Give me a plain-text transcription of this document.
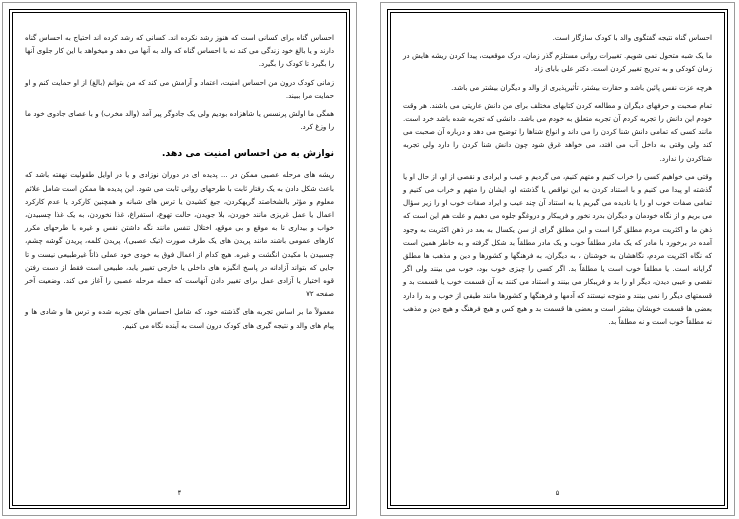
احساس گناه برای کسانی است که هنوز رشد نکرده اند. کسانی که رشد کرده اند احتیاج به احساس گناه دارند و یا بالغ خود زندگی می کند نه با احساس گناه که والد به آنها می دهد و میخواهد با این کار جلوی آنها را بگیرد تا کودک را بگیرد.

زمانی کودک درون من احساس امنیت، اعتماد و آرامش می کند که من بتوانم (بالغ) از او حمایت کنم و او حمایت مرا ببیند.

همگی ما اولش پرنسس یا شاهزاده بودیم ولی یک جادوگر پیر آمد (والد مخرب) و با عصای جادوی خود ما را وزغ کرد.

نوازش به من احساس امنیت می دهد.

ریشه های مرحله عصبی ممکن در ... پدیده ای در دوران نوزادی و یا در اوایل طفولیت نهفته باشد که باعث شکل دادن به یک رفتار ثابت با طرحهای روانی ثابت می شود. این پدیده ها ممکن است شامل علائم معلوم و مؤثر بالشخاصتد گریهکردن، جیغ کشیدن یا ترس های شبانه و همچنین کارکرد یا عدم کارکرد اعمال یا عمل غریزی مانند خوردن، بلا جویدن، حالت تهوع، استفراغ، غذا نخوردن، به یک غذا چسبیدن، خواب و بیداری نا به موقع و بی موقع، اختلال تنفس مانند نگه داشتن نفس و غیره با طرحهای مکرر کارهای عمومی باشند مانند پریدن های یک طرف صورت (تیک عصبی)، پریدن کلمه، پریدن گوشه چشم، چسبیدن با مکیدن انگشت و غیره. هیچ کدام از اعمال فوق به خودی خود عملی ذاتاً غیرطبیعی نیست و تا جایی که بتواند آزادانه در پاسخ انگیزه های داخلی یا خارجی تغییر یابد، طبیعی است فقط از دست رفتن قوه اختیار یا آزادی عمل برای تغییر دادن آنهاست که حمله مرحله عصبی را آغاز می کند. وضعیت آخر صفحه ۷۲

معمولاً ما بر اساس تجربه های گذشته خود، که شامل احساس های تجربه شده و ترس ها و شادی ها و پیام های والد و نتیجه گیری های کودک درون است به آینده نگاه می کنیم.

۴

احساس گناه نتیجه گفتگوی والد با کودک سازگار است.

ما یک شبه متحول نمی شویم. تغییرات روانی مستلزم گذر زمان، درک موقعیت، پیدا کردن ریشه هایش در زمان کودکی و به تدریج تغییر کردن است. دکتر علی بابای زاد

هرچه عزت نفس پائین باشد و حقارت بیشتر، تأثیرپذیری از والد و دیگران بیشتر می باشد.

تمام صحبت و حرفهای دیگران و مطالعه کردن کتابهای مختلف برای من دانش عاریتی می باشند. هر وقت خودم این دانش را تجربه کردم آن تجربه متعلق به خودم می باشد. دانشی که تجربه شده باشد خرد است. مانند کسی که تمامی دانش شنا کردن را می داند و انواع شناها را توضیح می دهد و درباره آن صحبت می کند ولی وقتی به داخل آب می افتد، می خواهد غرق شود چون دانش شنا کردن را دارد ولی تجربه شناکردن را ندارد.

وقتی می خواهیم کسی را خراب کنیم و متهم کنیم، می گردیم و عیب و ایرادی و نقصی از او، از حال او یا گذشته او پیدا می کنیم و با استناد کردن به این نواقص یا گذشته او، ایشان را متهم و خراب می کنیم و تمامی صفات خوب او را یا نادیده می گیریم یا به استناد آن چند عیب و ایراد صفات خوب او را زیر سؤال می بریم و از نگاه خودمان و دیگران بدرد نخور و فریبکار و دروغگو جلوه می دهیم و علت هم این است که ذهن ما و اکثریت مردم مطلق گرا است و این مطلق گرای از سن یکسال به بعد در ذهن اکثریت به وجود آمده در برخورد با مادر که یک مادر مطلقاً خوب و یک مادر مطلقاً بد شکل گرفته و به خاطر همین است که نگاه اکثریت مردم، نگاهشان به خوشنان ، به دیگران، به فرهنگها و کشورها و دین و مذهب ها مطلق گرایانه است. یا مطلقاً خوب است یا مطلقاً بد. اگر کسی را چیزی خوب بود، خوب می بینند ولی اگر نقصی و عیبی دیدن، دیگر او را بد و فریبکار می بینند و استناد می کنند به آن قسمت خوب یا قسمت بد و قسمتهای دیگر را نمی بینند و متوجه نیستند که آدمها و فرهنگها و کشورها مانند طیفی از خوب و بد را دارد بعضی ها قسمت خوبشان بیشتر است و بعضی ها قسمت بد و هیچ کس و هیچ فرهنگ و هیچ دین و مذهب نه مطلقاً خوب است و نه مطلقاً بد.

۵
